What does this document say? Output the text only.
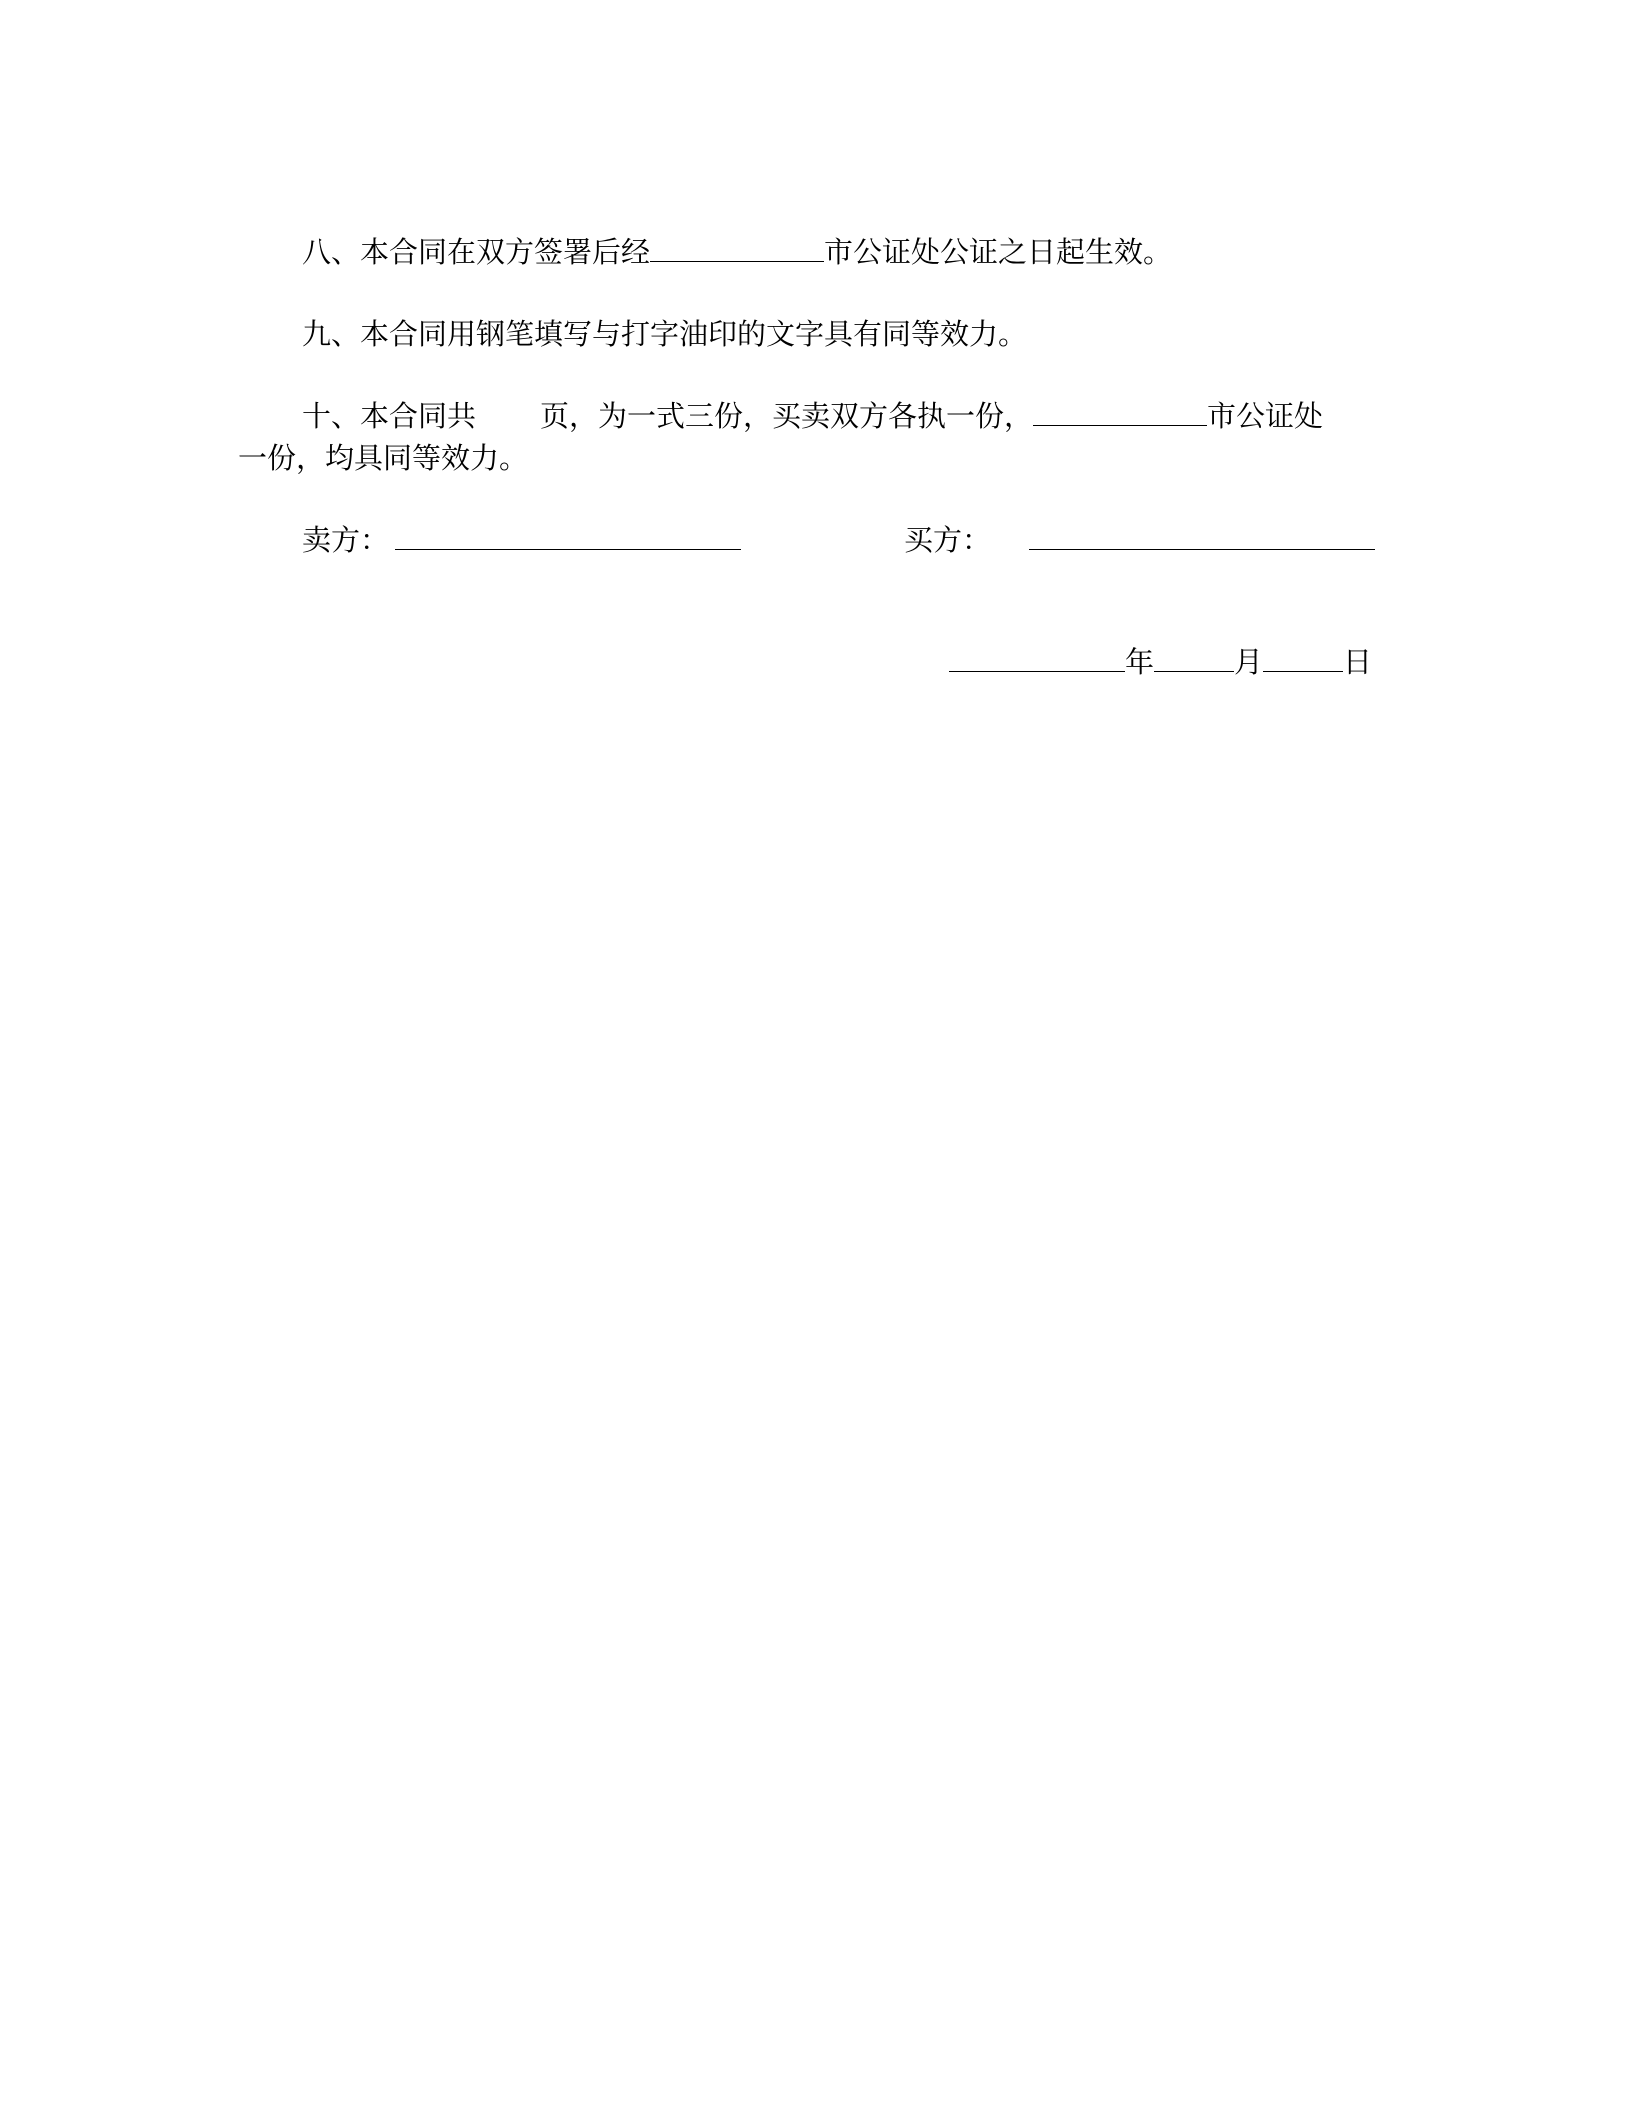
八、本合同在双方签署后经	市公证处公证之日起生效。
九、本合同用钢笔填写与打字油印的文字具有同等效力。
十、本合同共 页，为一式三份，买卖双方各执一份，	市公证处
一份，均具同等效力。
卖方：	买方：
年	月	日
